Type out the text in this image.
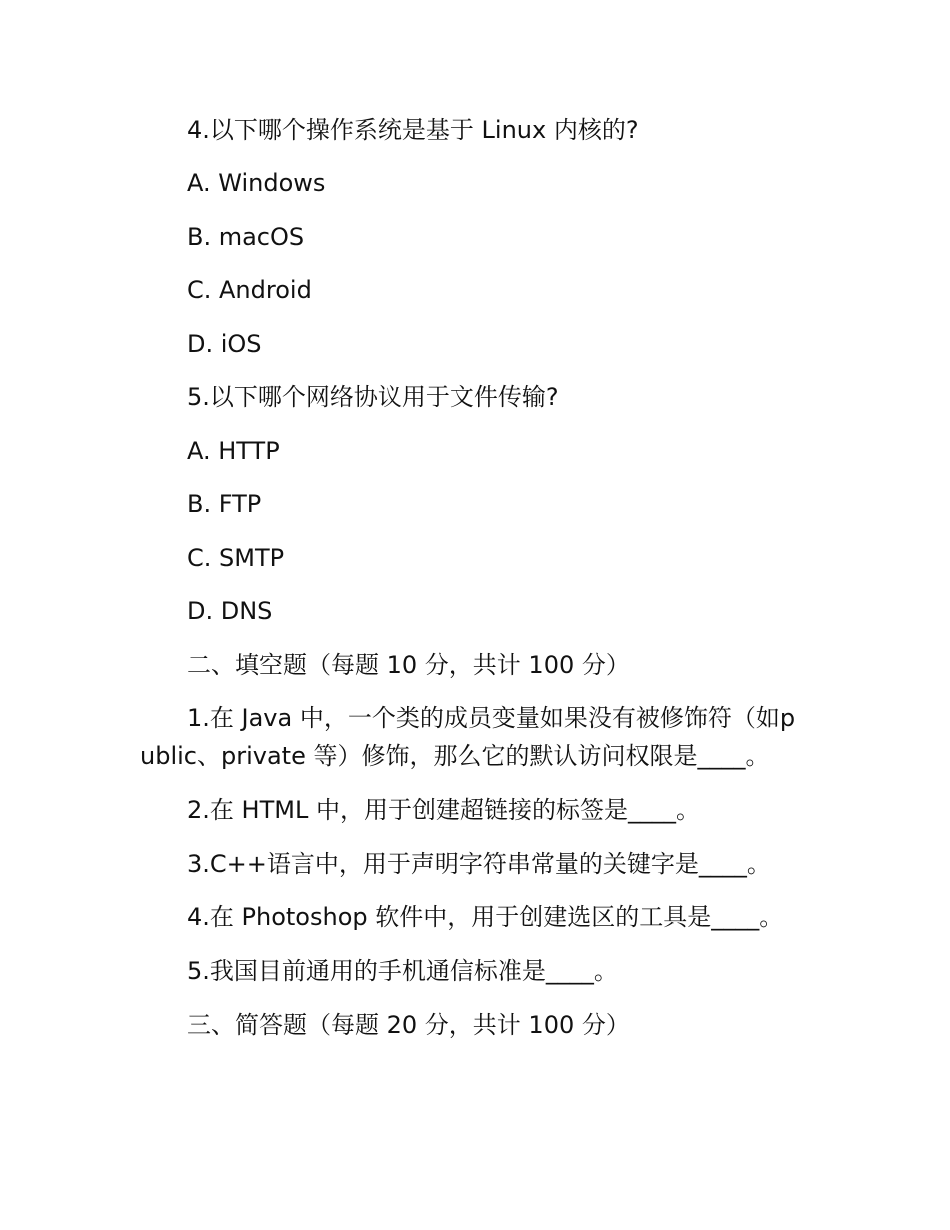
4.以下哪个操作系统是基于 Linux 内核的?
A. Windows
B. macOS
C. Android
D. iOS
5.以下哪个网络协议用于文件传输?
A. HTTP
B. FTP
C. SMTP
D. DNS
二、填空题（每题 10 分，共计 100 分）
1.在 Java 中，一个类的成员变量如果没有被修饰符（如public、private 等）修饰，那么它的默认访问权限是____。
2.在 HTML 中，用于创建超链接的标签是____。
3.C++语言中，用于声明字符串常量的关键字是____。
4.在 Photoshop 软件中，用于创建选区的工具是____。
5.我国目前通用的手机通信标准是____。
三、简答题（每题 20 分，共计 100 分）
